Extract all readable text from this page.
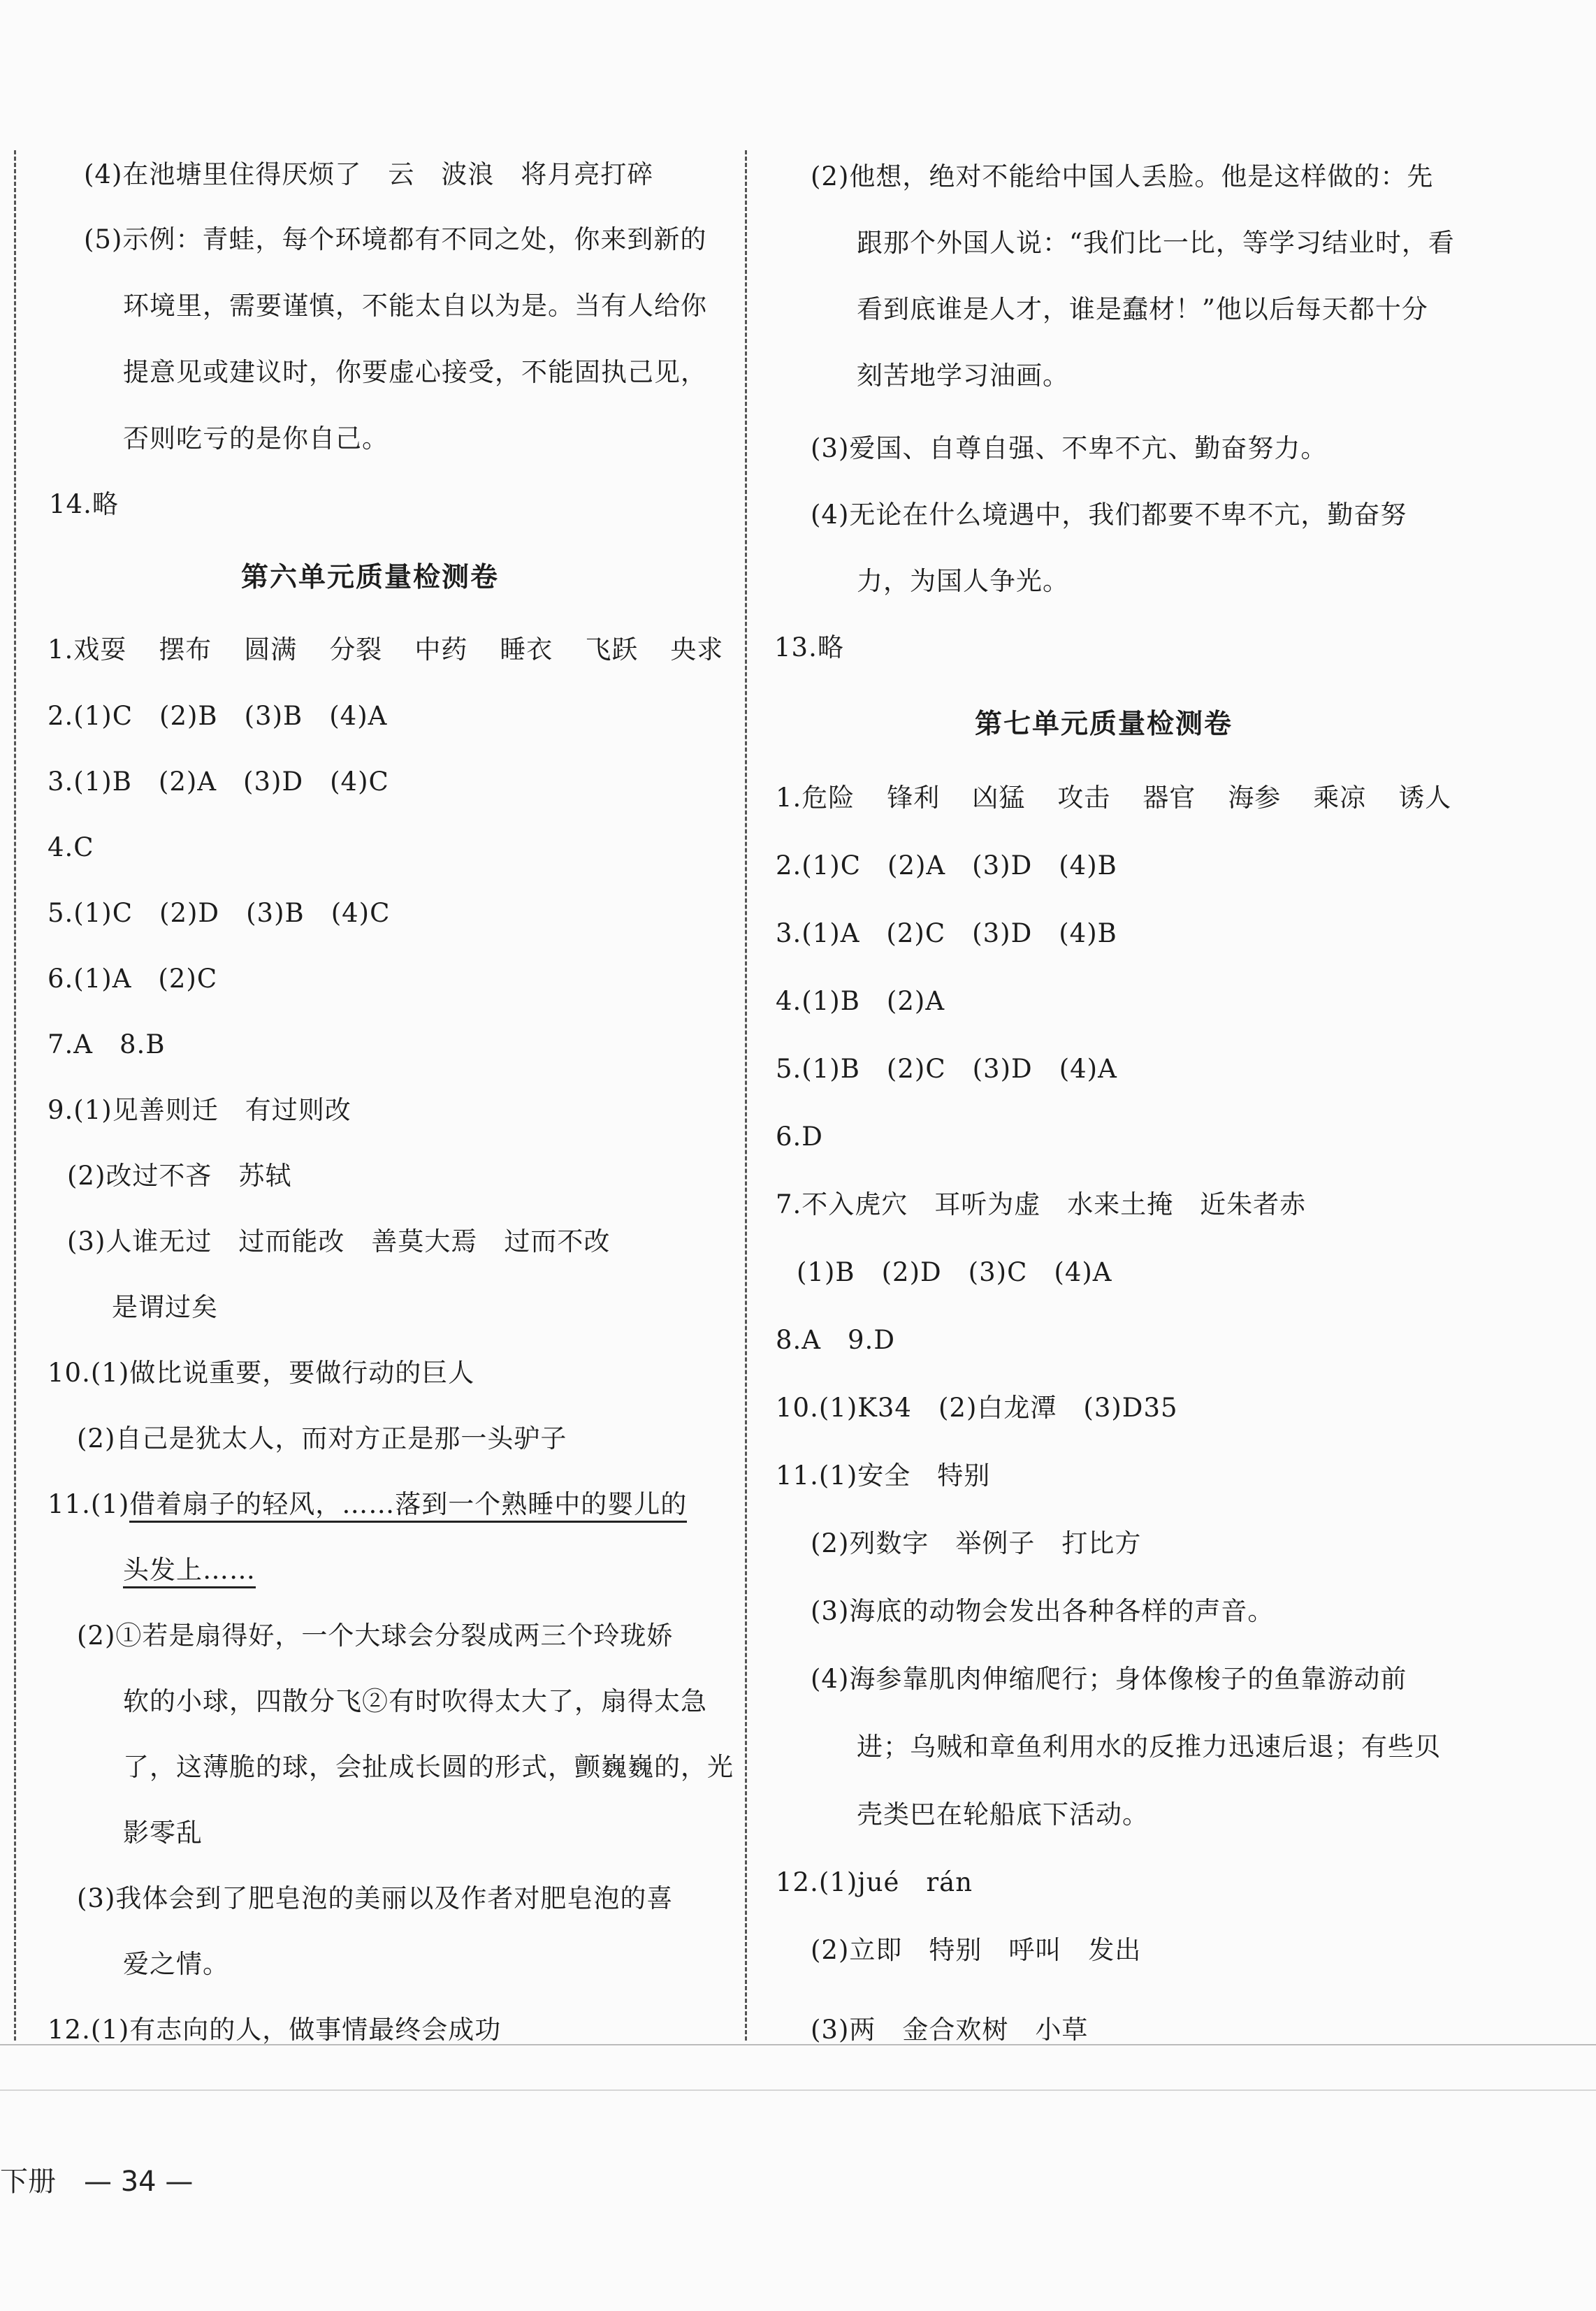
(4)在池塘里住得厌烦了　云　波浪　将月亮打碎
(5)示例：青蛙，每个环境都有不同之处，你来到新的
环境里，需要谨慎，不能太自以为是。当有人给你
提意见或建议时，你要虚心接受，不能固执己见，
否则吃亏的是你自己。
14.略
第六单元质量检测卷
1.戏耍 摆布 圆满 分裂 中药 睡衣 飞跃 央求
2.(1)C　(2)B　(3)B　(4)A
3.(1)B　(2)A　(3)D　(4)C
4.C
5.(1)C　(2)D　(3)B　(4)C
6.(1)A　(2)C
7.A　8.B
9.(1)见善则迁　有过则改
(2)改过不吝　苏轼
(3)人谁无过　过而能改　善莫大焉　过而不改
是谓过矣
10.(1)做比说重要，要做行动的巨人
(2)自己是犹太人，而对方正是那一头驴子
11.(1)借着扇子的轻风，……落到一个熟睡中的婴儿的
头发上……
(2)①若是扇得好，一个大球会分裂成两三个玲珑娇
软的小球，四散分飞②有时吹得太大了，扇得太急
了，这薄脆的球，会扯成长圆的形式，颤巍巍的，光
影零乱
(3)我体会到了肥皂泡的美丽以及作者对肥皂泡的喜
爱之情。
12.(1)有志向的人，做事情最终会成功
(2)他想，绝对不能给中国人丢脸。他是这样做的：先
跟那个外国人说：“我们比一比，等学习结业时，看
看到底谁是人才，谁是蠢材！”他以后每天都十分
刻苦地学习油画。
(3)爱国、自尊自强、不卑不亢、勤奋努力。
(4)无论在什么境遇中，我们都要不卑不亢，勤奋努
力，为国人争光。
13.略
第七单元质量检测卷
1.危险 锋利 凶猛 攻击 器官 海参 乘凉 诱人
2.(1)C　(2)A　(3)D　(4)B
3.(1)A　(2)C　(3)D　(4)B
4.(1)B　(2)A
5.(1)B　(2)C　(3)D　(4)A
6.D
7.不入虎穴　耳听为虚　水来土掩　近朱者赤
(1)B　(2)D　(3)C　(4)A
8.A　9.D
10.(1)K34　(2)白龙潭　(3)D35
11.(1)安全　特别
(2)列数字　举例子　打比方
(3)海底的动物会发出各种各样的声音。
(4)海参靠肌肉伸缩爬行；身体像梭子的鱼靠游动前
进；乌贼和章鱼利用水的反推力迅速后退；有些贝
壳类巴在轮船底下活动。
12.(1)jué　rán
(2)立即　特别　呼叫　发出
(3)两　金合欢树　小草
下册 — 34 —
